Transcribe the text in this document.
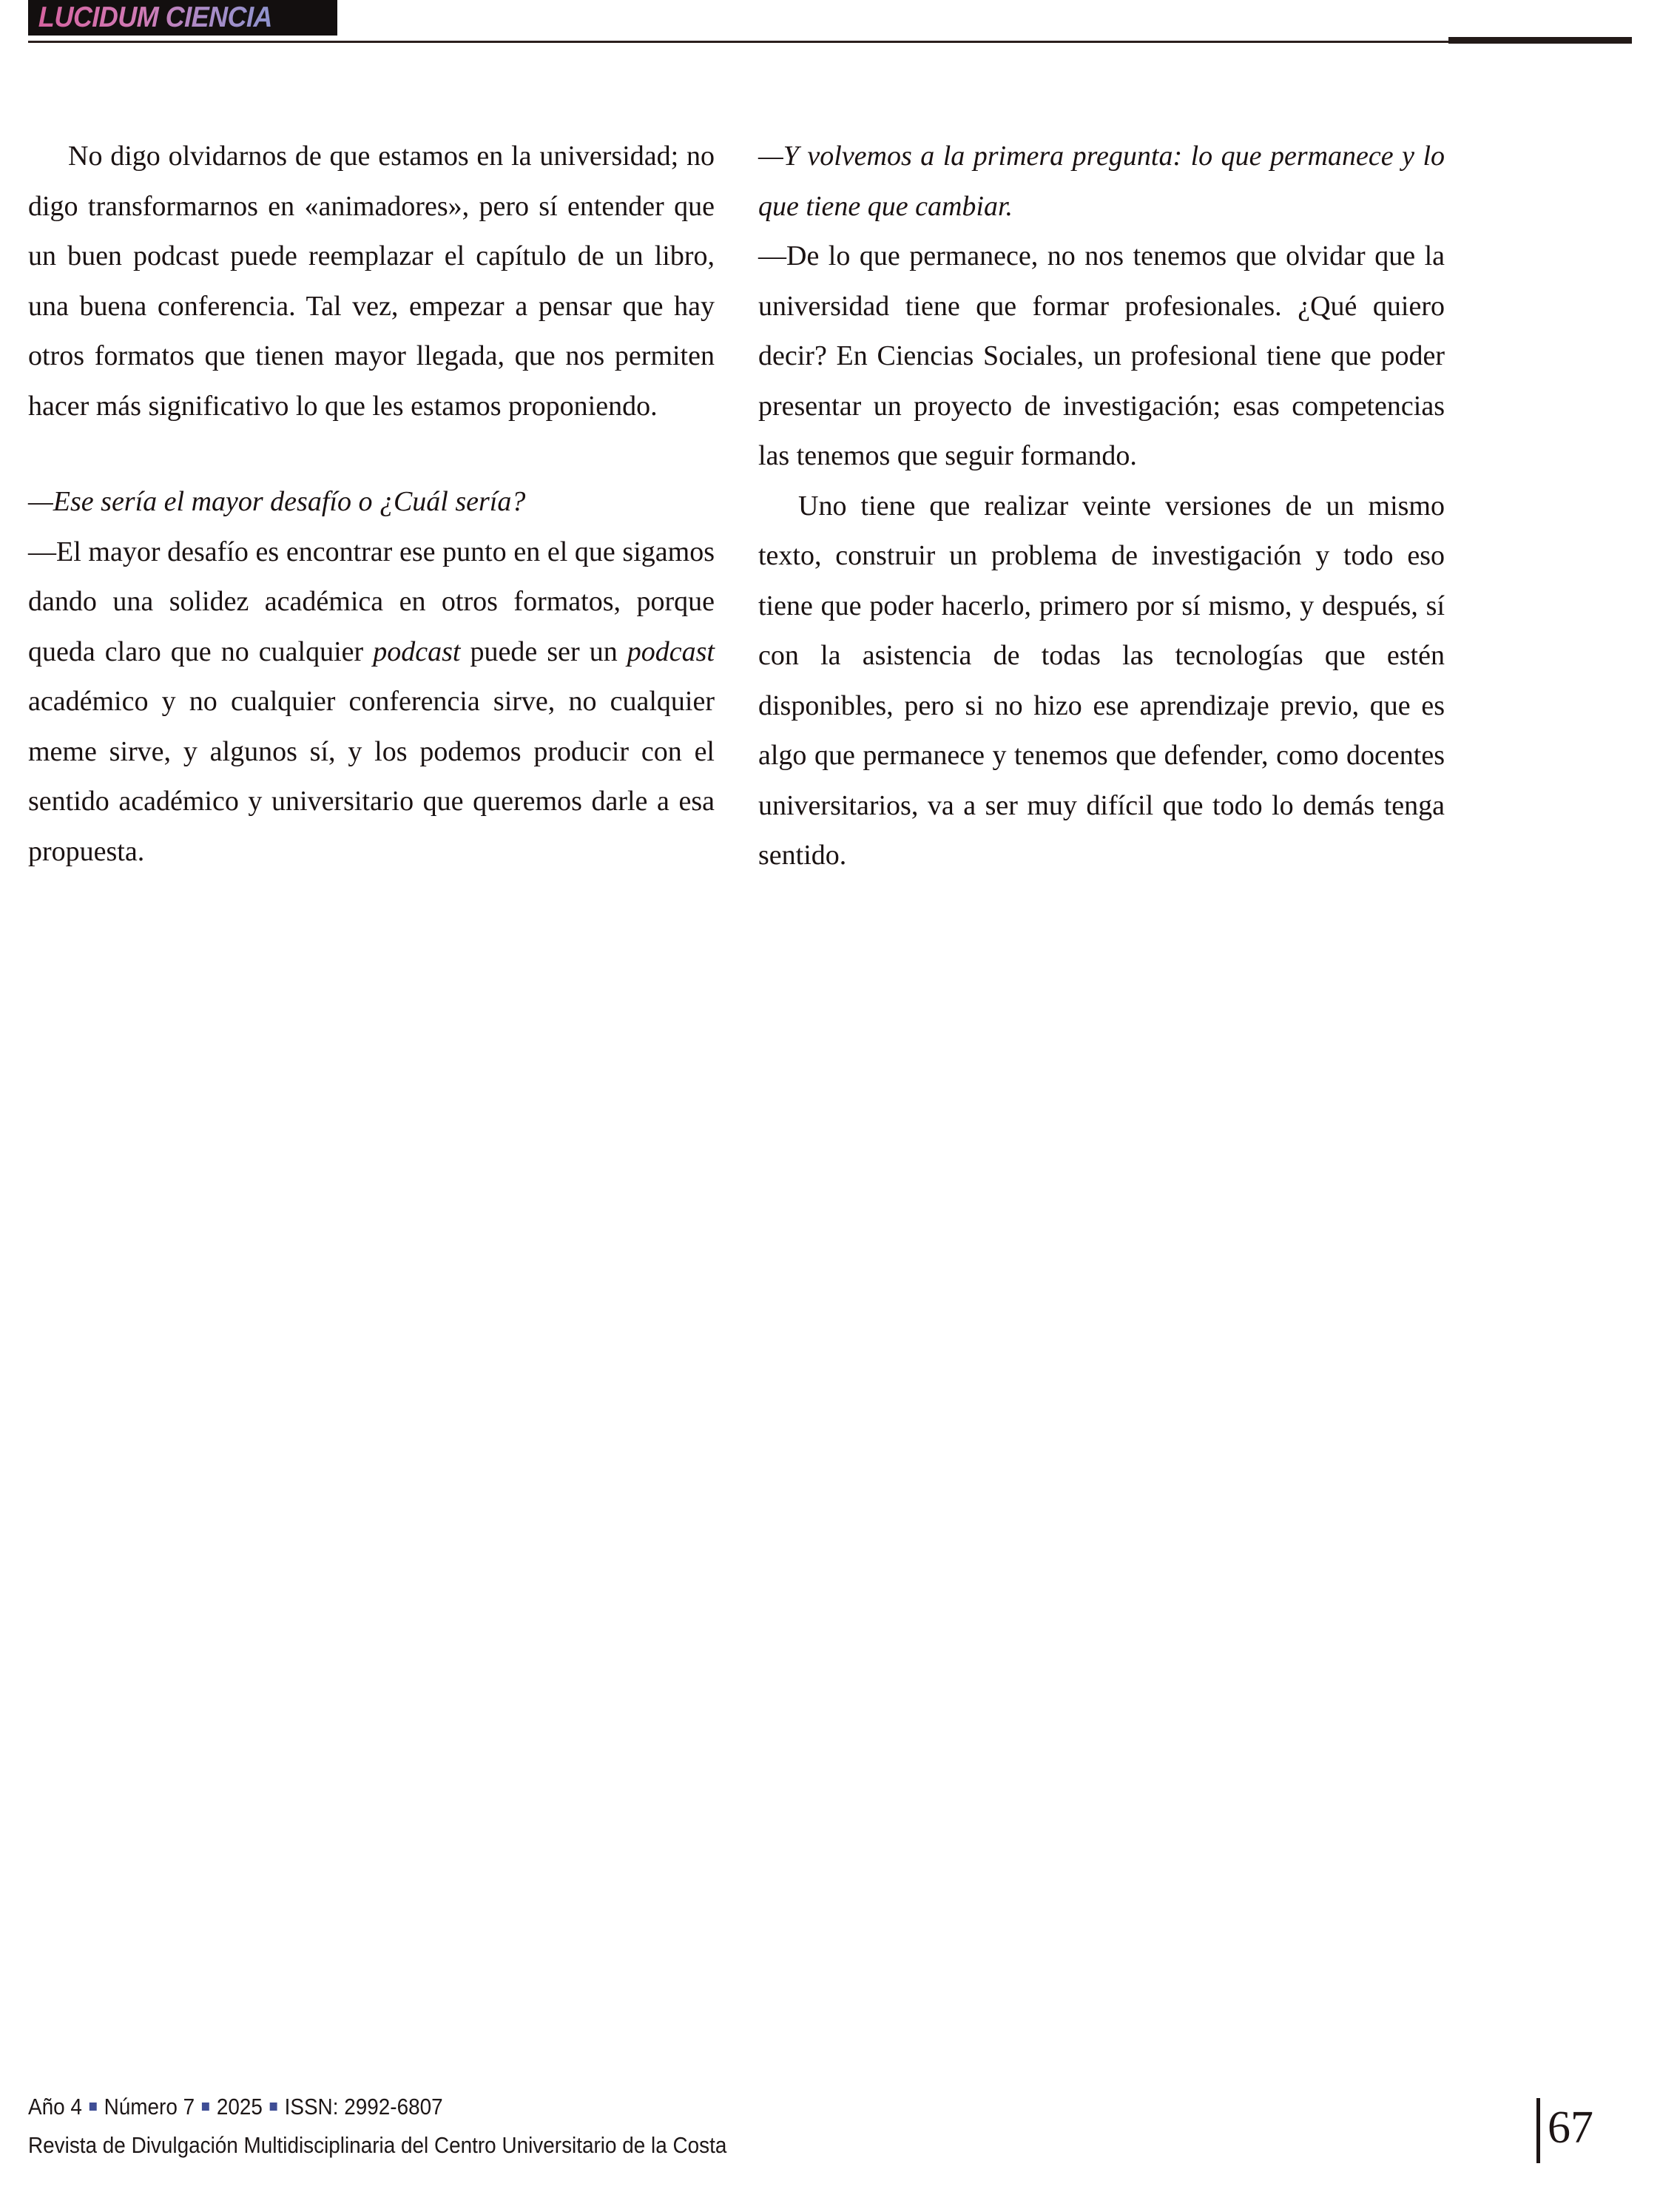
LUCIDUM CIENCIA

No digo olvidarnos de que estamos en la universidad; no digo transformarnos en «animadores», pero sí entender que un buen podcast puede reemplazar el capítulo de un libro, una buena conferencia. Tal vez, empezar a pensar que hay otros formatos que tienen mayor llegada, que nos permiten hacer más significativo lo que les estamos proponiendo.

—Ese sería el mayor desafío o ¿Cuál sería?

—El mayor desafío es encontrar ese punto en el que sigamos dando una solidez académica en otros formatos, porque queda claro que no cualquier podcast puede ser un podcast académico y no cualquier conferencia sirve, no cualquier meme sirve, y algunos sí, y los podemos producir con el sentido académico y universitario que queremos darle a esa propuesta.

—Y volvemos a la primera pregunta: lo que permanece y lo que tiene que cambiar.

—De lo que permanece, no nos tenemos que olvidar que la universidad tiene que formar profesionales. ¿Qué quiero decir? En Ciencias Sociales, un profesional tiene que poder presentar un proyecto de investigación; esas competencias las tenemos que seguir formando.

Uno tiene que realizar veinte versiones de un mismo texto, construir un problema de investigación y todo eso tiene que poder hacerlo, primero por sí mismo, y después, sí con la asistencia de todas las tecnologías que estén disponibles, pero si no hizo ese aprendizaje previo, que es algo que permanece y tenemos que defender, como docentes universitarios, va a ser muy difícil que todo lo demás tenga sentido.

Año 4 Número 7 2025 ISSN: 2992-6807
Revista de Divulgación Multidisciplinaria del Centro Universitario de la Costa	67
